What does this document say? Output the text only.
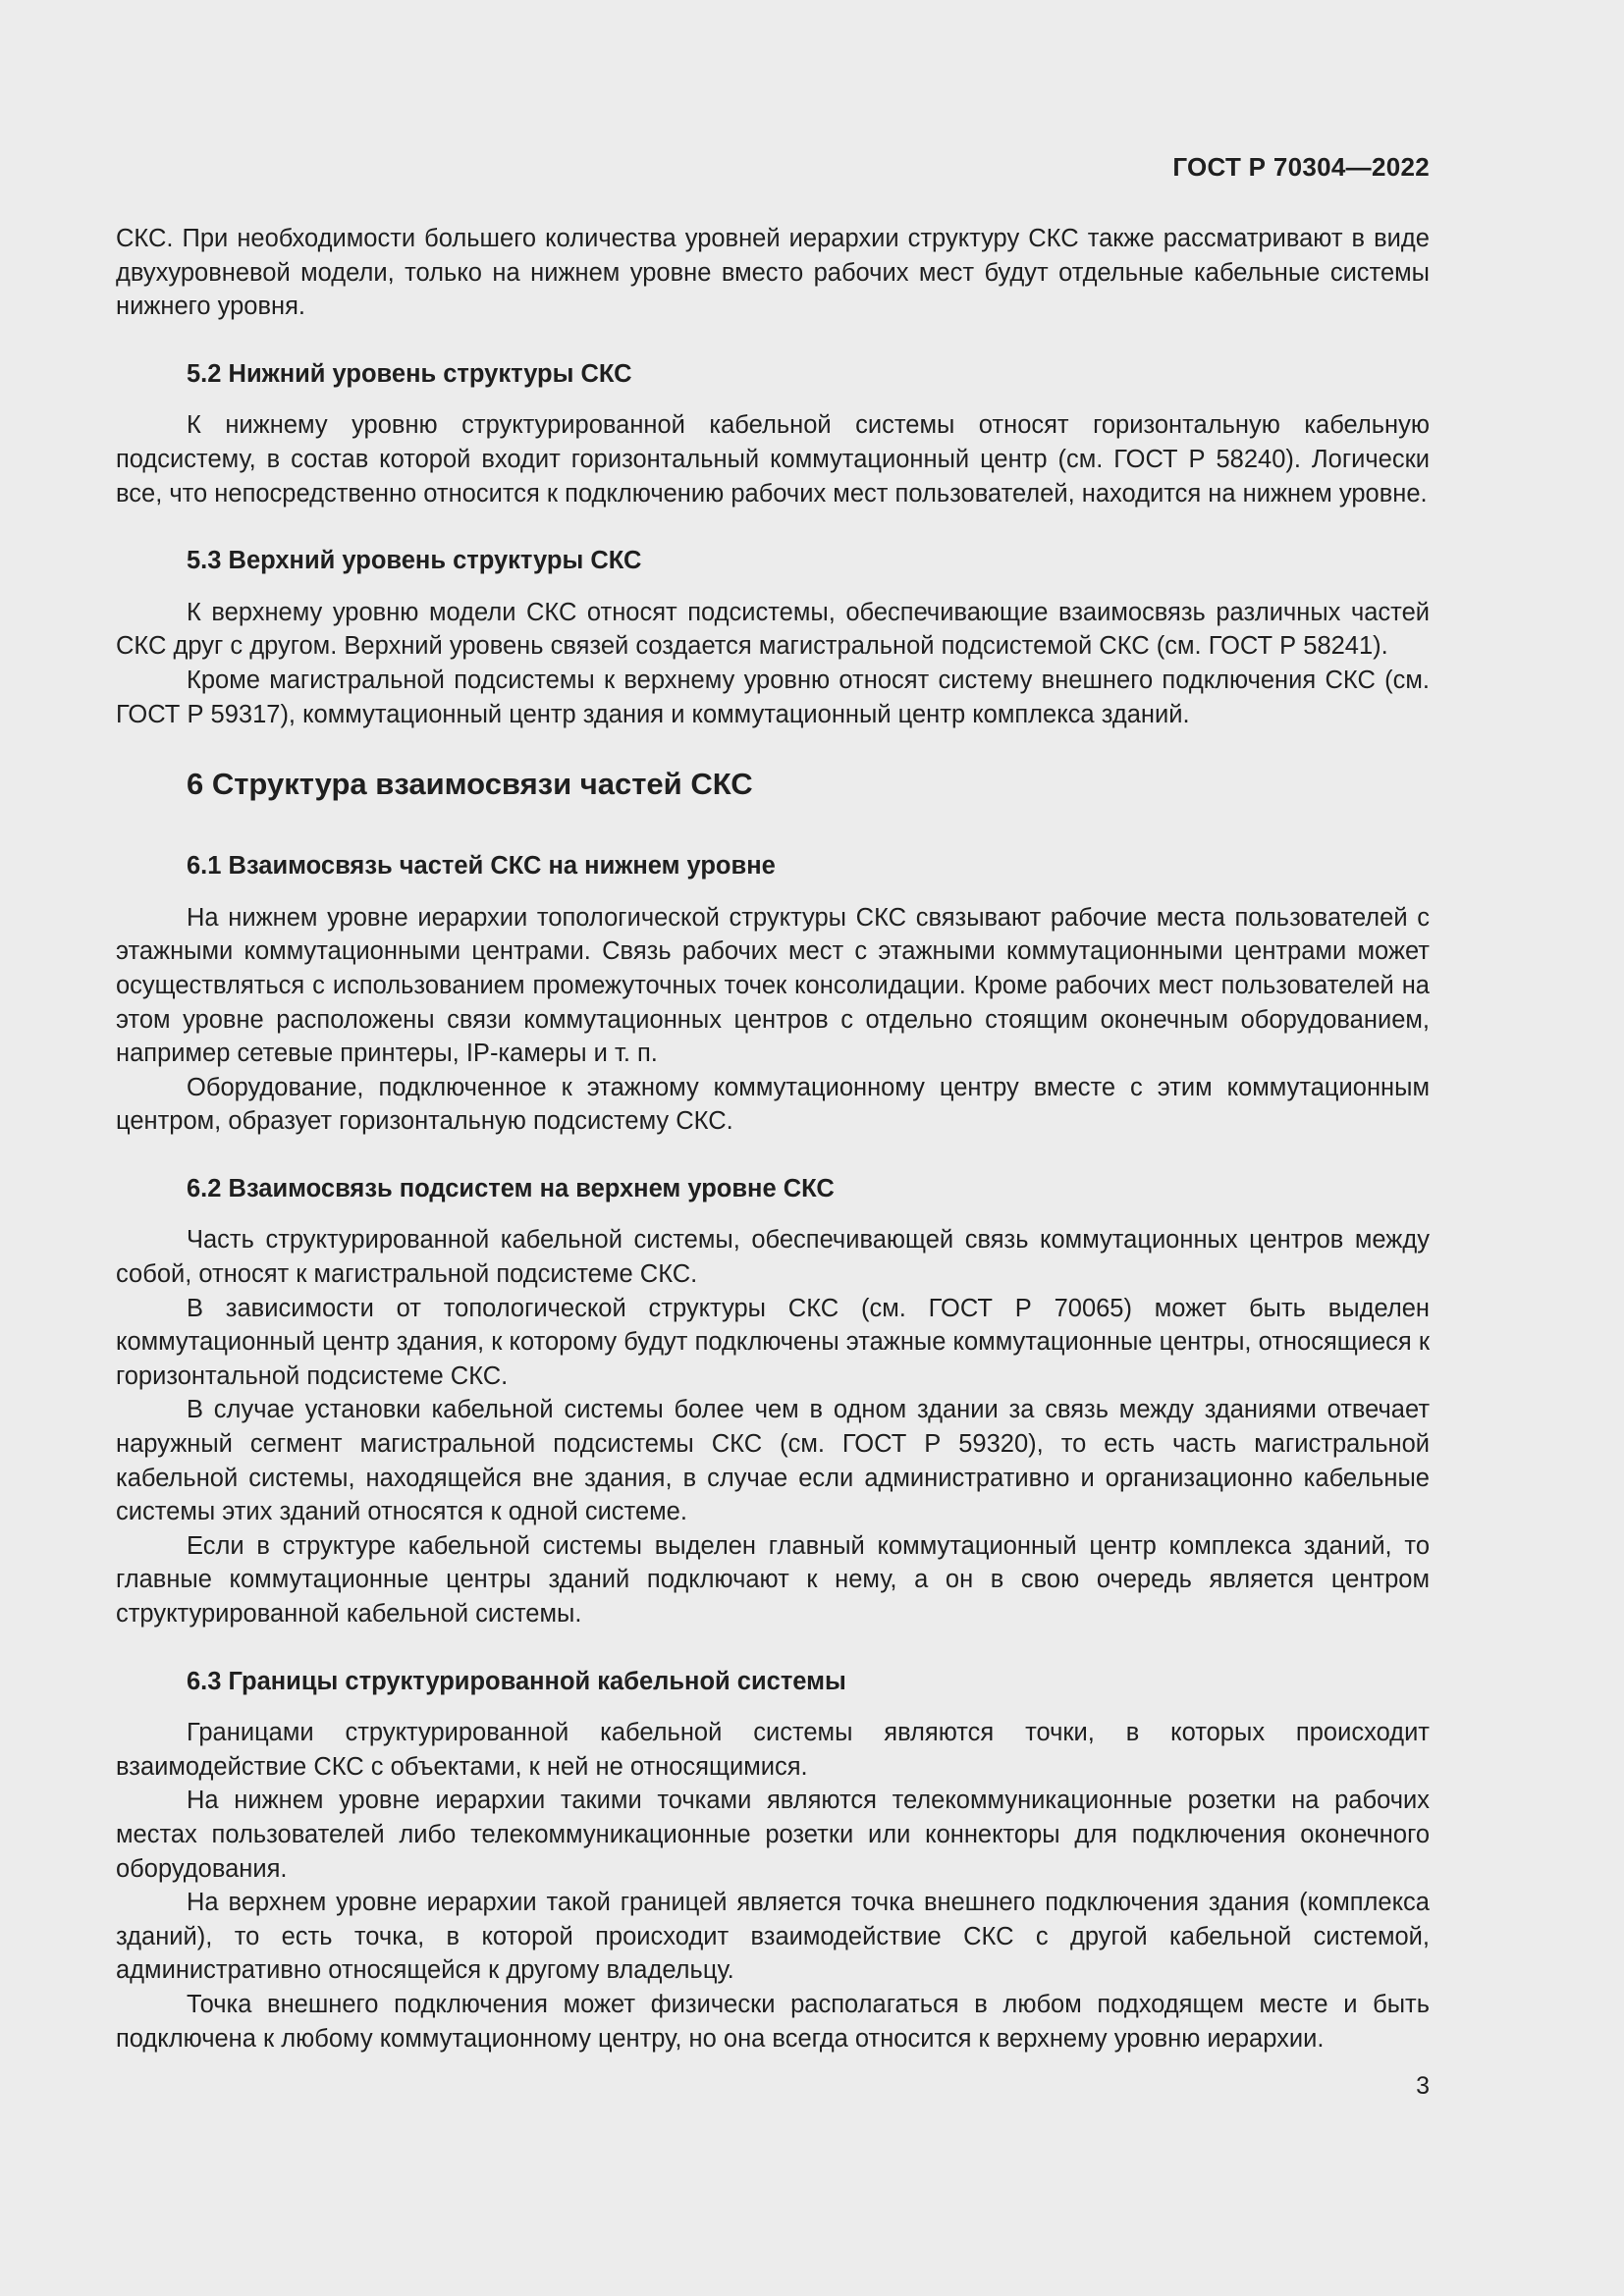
ГОСТ Р 70304—2022

СКС. При необходимости большего количества уровней иерархии структуру СКС также рассматривают в виде двухуровневой модели, только на нижнем уровне вместо рабочих мест будут отдельные кабельные системы нижнего уровня.

5.2 Нижний уровень структуры СКС

К нижнему уровню структурированной кабельной системы относят горизонтальную кабельную подсистему, в состав которой входит горизонтальный коммутационный центр (см. ГОСТ Р 58240). Логически все, что непосредственно относится к подключению рабочих мест пользователей, находится на нижнем уровне.

5.3 Верхний уровень структуры СКС

К верхнему уровню модели СКС относят подсистемы, обеспечивающие взаимосвязь различных частей СКС друг с другом. Верхний уровень связей создается магистральной подсистемой СКС (см. ГОСТ Р 58241).

Кроме магистральной подсистемы к верхнему уровню относят систему внешнего подключения СКС (см. ГОСТ Р 59317), коммутационный центр здания и коммутационный центр комплекса зданий.

6 Структура взаимосвязи частей СКС
6.1 Взаимосвязь частей СКС на нижнем уровне

На нижнем уровне иерархии топологической структуры СКС связывают рабочие места пользователей с этажными коммутационными центрами. Связь рабочих мест с этажными коммутационными центрами может осуществляться с использованием промежуточных точек консолидации. Кроме рабочих мест пользователей на этом уровне расположены связи коммутационных центров с отдельно стоящим оконечным оборудованием, например сетевые принтеры, IP-камеры и т. п.

Оборудование, подключенное к этажному коммутационному центру вместе с этим коммутационным центром, образует горизонтальную подсистему СКС.

6.2 Взаимосвязь подсистем на верхнем уровне СКС

Часть структурированной кабельной системы, обеспечивающей связь коммутационных центров между собой, относят к магистральной подсистеме СКС.

В зависимости от топологической структуры СКС (см. ГОСТ Р 70065) может быть выделен коммутационный центр здания, к которому будут подключены этажные коммутационные центры, относящиеся к горизонтальной подсистеме СКС.

В случае установки кабельной системы более чем в одном здании за связь между зданиями отвечает наружный сегмент магистральной подсистемы СКС (см. ГОСТ Р 59320), то есть часть магистральной кабельной системы, находящейся вне здания, в случае если административно и организационно кабельные системы этих зданий относятся к одной системе.

Если в структуре кабельной системы выделен главный коммутационный центр комплекса зданий, то главные коммутационные центры зданий подключают к нему, а он в свою очередь является центром структурированной кабельной системы.

6.3 Границы структурированной кабельной системы

Границами структурированной кабельной системы являются точки, в которых происходит взаимодействие СКС с объектами, к ней не относящимися.

На нижнем уровне иерархии такими точками являются телекоммуникационные розетки на рабочих местах пользователей либо телекоммуникационные розетки или коннекторы для подключения оконечного оборудования.

На верхнем уровне иерархии такой границей является точка внешнего подключения здания (комплекса зданий), то есть точка, в которой происходит взаимодействие СКС с другой кабельной системой, административно относящейся к другому владельцу.

Точка внешнего подключения может физически располагаться в любом подходящем месте и быть подключена к любому коммутационному центру, но она всегда относится к верхнему уровню иерархии.

3
